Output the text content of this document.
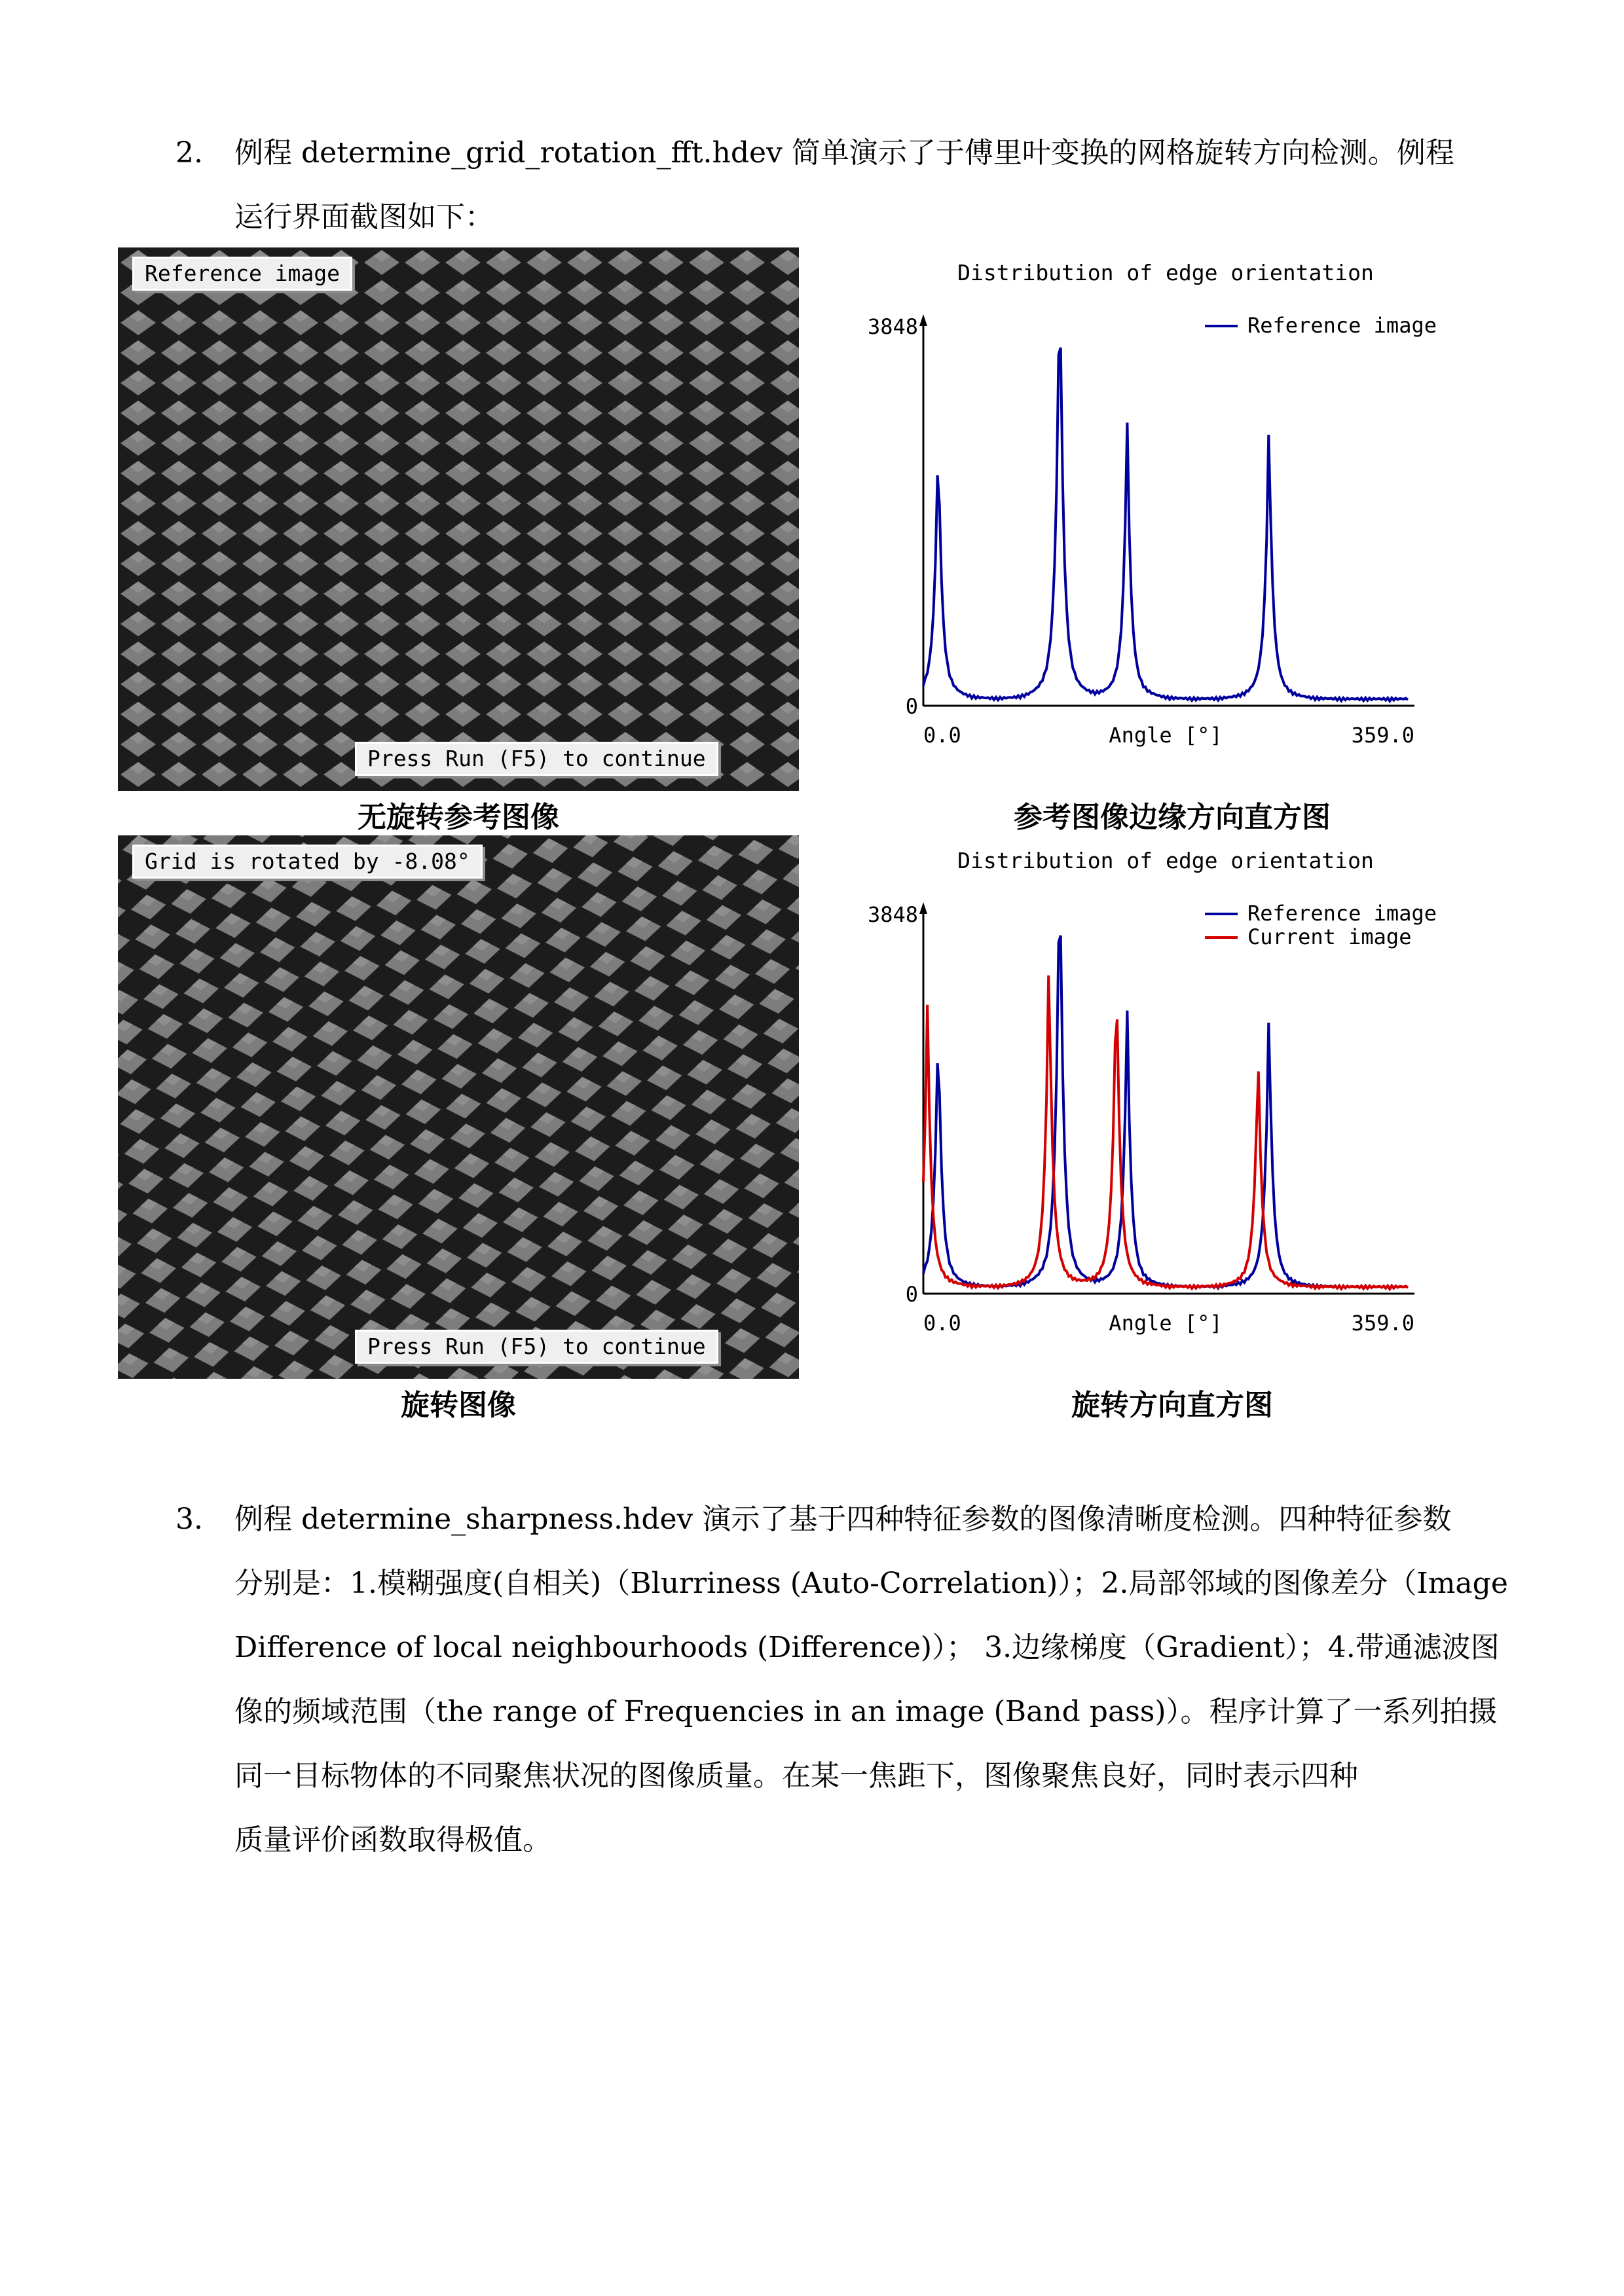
2. 例程 determine_grid_rotation_fft.hdev 简单演示了于傅里叶变换的网格旋转方向检测。例程
运行界面截图如下：
Reference image
Press Run (F5) to continue
Grid is rotated by -8.08°
Press Run (F5) to continue
Distribution of edge orientation
3848
0
0.0	359.0
Angle [°]
Reference image
Distribution of edge orientation
3848
0
0.0	359.0
Angle [°]
Reference image
Current image
无旋转参考图像	参考图像边缘方向直方图
旋转图像	旋转方向直方图
3. 例程 determine_sharpness.hdev 演示了基于四种特征参数的图像清晰度检测。四种特征参数
分别是：1.模糊强度(自相关)（Blurriness (Auto-Correlation)）；2.局部邻域的图像差分（Image
Difference of local neighbourhoods (Difference)）； 3.边缘梯度（Gradient）；4.带通滤波图
像的频域范围（the range of Frequencies in an image (Band pass)）。程序计算了一系列拍摄
同一目标物体的不同聚焦状况的图像质量。在某一焦距下，图像聚焦良好，同时表示四种
质量评价函数取得极值。
